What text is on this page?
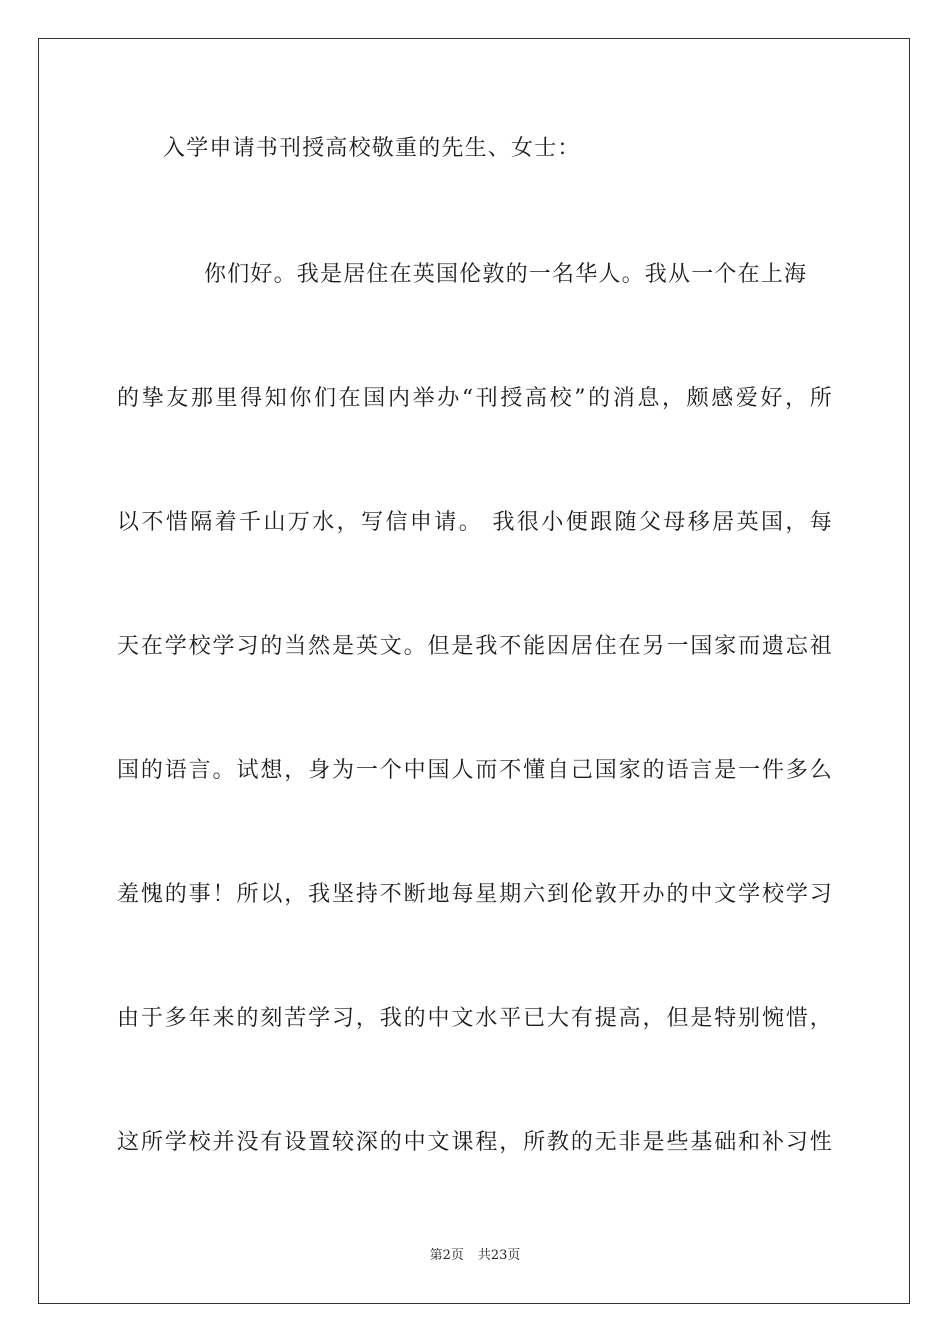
入学申请书刊授高校敬重的先生、女士：
你们好。我是居住在英国伦敦的一名华人。我从一个在上海
的挚友那里得知你们在国内举办“刊授高校”的消息，颇感爱好，所
以不惜隔着千山万水，写信申请。 我很小便跟随父母移居英国，每
天在学校学习的当然是英文。但是我不能因居住在另一国家而遗忘祖
国的语言。试想，身为一个中国人而不懂自己国家的语言是一件多么
羞愧的事！所以，我坚持不断地每星期六到伦敦开办的中文学校学习
由于多年来的刻苦学习，我的中文水平已大有提高，但是特别惋惜，
这所学校并没有设置较深的中文课程，所教的无非是些基础和补习性
第2页 共23页
